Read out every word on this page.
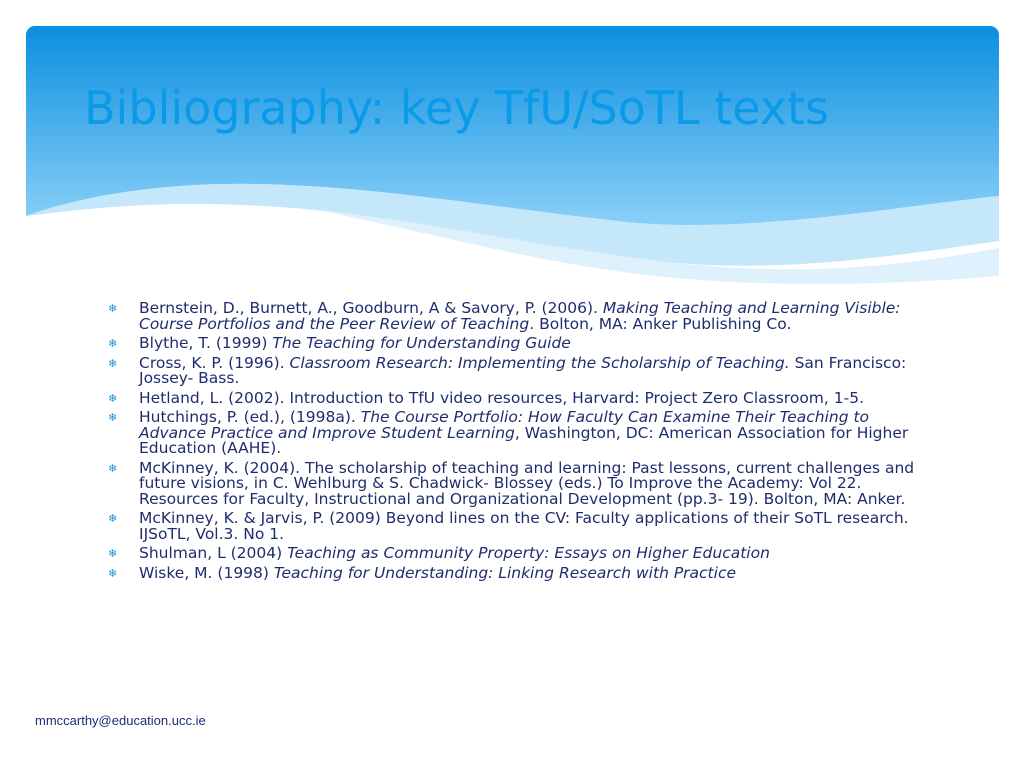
Bibliography: key TfU/SoTL texts
❄ Bernstein, D., Burnett, A., Goodburn, A & Savory, P. (2006). Making Teaching and Learning Visible: Course Portfolios and the Peer Review of Teaching. Bolton, MA: Anker Publishing Co.
❄ Blythe, T. (1999) The Teaching for Understanding Guide
❄ Cross, K. P. (1996). Classroom Research: Implementing the Scholarship of Teaching. San Francisco: Jossey- Bass.
❄ Hetland, L. (2002). Introduction to TfU video resources, Harvard: Project Zero Classroom, 1-5.
❄ Hutchings, P. (ed.), (1998a). The Course Portfolio: How Faculty Can Examine Their Teaching to Advance Practice and Improve Student Learning, Washington, DC: American Association for Higher Education (AAHE).
❄ McKinney, K. (2004). The scholarship of teaching and learning: Past lessons, current challenges and future visions, in C. Wehlburg & S. Chadwick- Blossey (eds.) To Improve the Academy: Vol 22. Resources for Faculty, Instructional and Organizational Development (pp.3- 19). Bolton, MA: Anker.
❄ McKinney, K. & Jarvis, P. (2009) Beyond lines on the CV: Faculty applications of their SoTL research. IJSoTL, Vol.3. No 1.
❄ Shulman, L (2004) Teaching as Community Property: Essays on Higher Education
❄ Wiske, M. (1998) Teaching for Understanding: Linking Research with Practice
mmccarthy@education.ucc.ie
